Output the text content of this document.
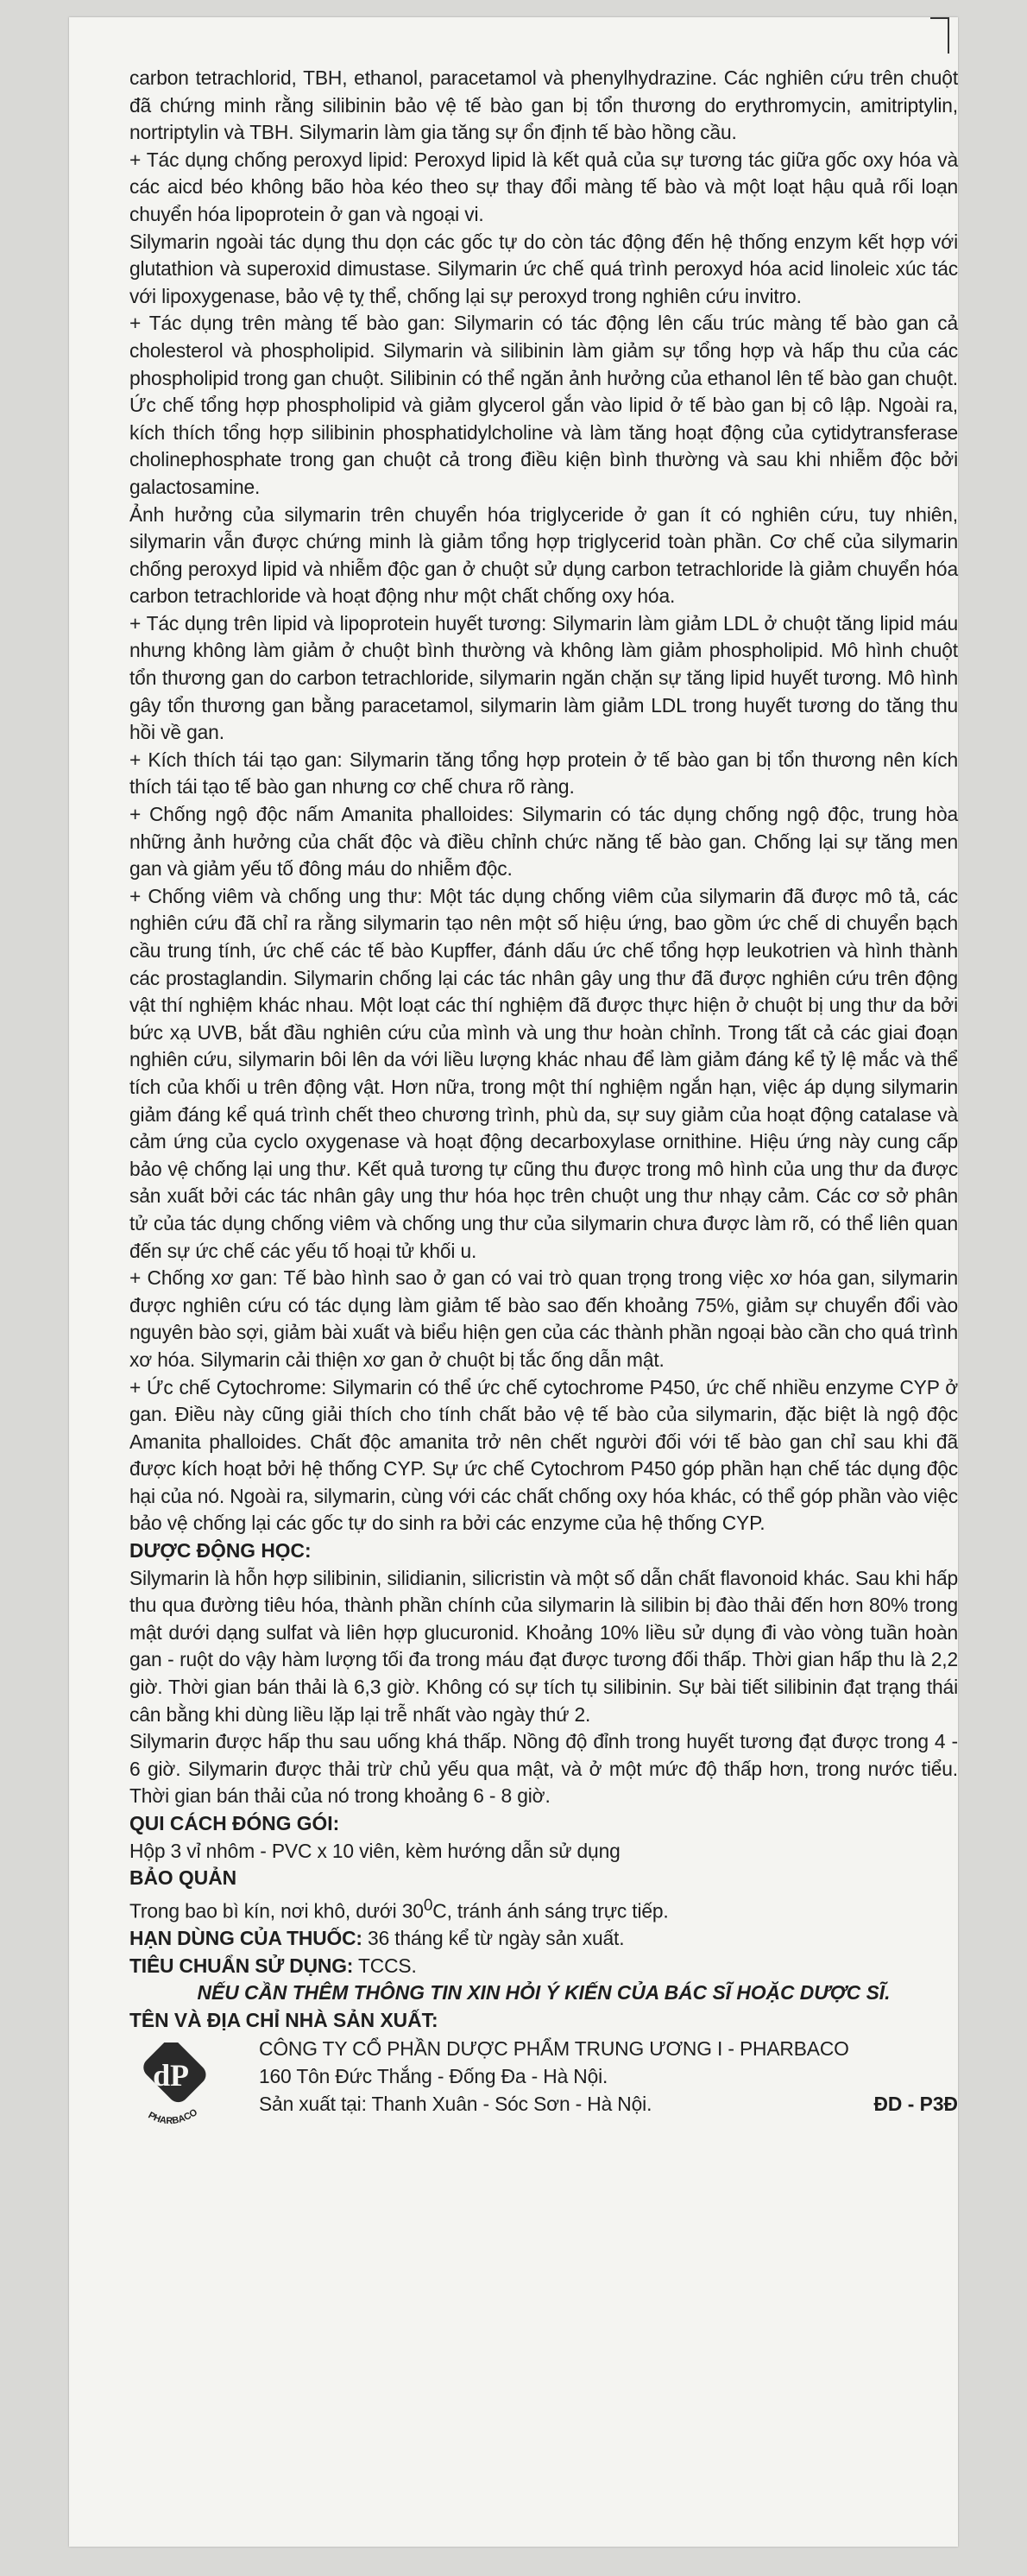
carbon tetrachlorid, TBH, ethanol, paracetamol và phenylhydrazine. Các nghiên cứu trên chuột đã chứng minh rằng silibinin bảo vệ tế bào gan bị tổn thương do erythromycin, amitriptylin, nortriptylin và TBH. Silymarin làm gia tăng sự ổn định tế bào hồng cầu.

+ Tác dụng chống peroxyd lipid: Peroxyd lipid là kết quả của sự tương tác giữa gốc oxy hóa và các aicd béo không bão hòa kéo theo sự thay đổi màng tế bào và một loạt hậu quả rối loạn chuyển hóa lipoprotein ở gan và ngoại vi.

Silymarin ngoài tác dụng thu dọn các gốc tự do còn tác động đến hệ thống enzym kết hợp với glutathion và superoxid dimustase. Silymarin ức chế quá trình peroxyd hóa acid linoleic xúc tác với lipoxygenase, bảo vệ tỵ thể, chống lại sự peroxyd trong nghiên cứu invitro.

+ Tác dụng trên màng tế bào gan: Silymarin có tác động lên cấu trúc màng tế bào gan cả cholesterol và phospholipid. Silymarin và silibinin làm giảm sự tổng hợp và hấp thu của các phospholipid trong gan chuột. Silibinin có thể ngăn ảnh hưởng của ethanol lên tế bào gan chuột. Ức chế tổng hợp phospholipid và giảm glycerol gắn vào lipid ở tế bào gan bị cô lập. Ngoài ra, kích thích tổng hợp silibinin phosphatidylcholine và làm tăng hoạt động của cytidytransferase cholinephosphate trong gan chuột cả trong điều kiện bình thường và sau khi nhiễm độc bởi galactosamine.

Ảnh hưởng của silymarin trên chuyển hóa triglyceride ở gan ít có nghiên cứu, tuy nhiên, silymarin vẫn được chứng minh là giảm tổng hợp triglycerid toàn phần. Cơ chế của silymarin chống peroxyd lipid và nhiễm độc gan ở chuột sử dụng carbon tetrachloride là giảm chuyển hóa carbon tetrachloride và hoạt động như một chất chống oxy hóa.

+ Tác dụng trên lipid và lipoprotein huyết tương: Silymarin làm giảm LDL ở chuột tăng lipid máu nhưng không làm giảm ở chuột bình thường và không làm giảm phospholipid. Mô hình chuột tổn thương gan do carbon tetrachloride, silymarin ngăn chặn sự tăng lipid huyết tương. Mô hình gây tổn thương gan bằng paracetamol, silymarin làm giảm LDL trong huyết tương do tăng thu hồi về gan.

+ Kích thích tái tạo gan: Silymarin tăng tổng hợp protein ở tế bào gan bị tổn thương nên kích thích tái tạo tế bào gan nhưng cơ chế chưa rõ ràng.

+ Chống ngộ độc nấm Amanita phalloides: Silymarin có tác dụng chống ngộ độc, trung hòa những ảnh hưởng của chất độc và điều chỉnh chức năng tế bào gan. Chống lại sự tăng men gan và giảm yếu tố đông máu do nhiễm độc.

+ Chống viêm và chống ung thư: Một tác dụng chống viêm của silymarin đã được mô tả, các nghiên cứu đã chỉ ra rằng silymarin tạo nên một số hiệu ứng, bao gồm ức chế di chuyển bạch cầu trung tính, ức chế các tế bào Kupffer, đánh dấu ức chế tổng hợp leukotrien và hình thành các prostaglandin. Silymarin chống lại các tác nhân gây ung thư đã được nghiên cứu trên động vật thí nghiệm khác nhau. Một loạt các thí nghiệm đã được thực hiện ở chuột bị ung thư da bởi bức xạ UVB, bắt đầu nghiên cứu của mình và ung thư hoàn chỉnh. Trong tất cả các giai đoạn nghiên cứu, silymarin bôi lên da với liều lượng khác nhau để làm giảm đáng kể tỷ lệ mắc và thể tích của khối u trên động vật. Hơn nữa, trong một thí nghiệm ngắn hạn, việc áp dụng silymarin giảm đáng kể quá trình chết theo chương trình, phù da, sự suy giảm của hoạt động catalase và cảm ứng của cyclo oxygenase và hoạt động decarboxylase ornithine. Hiệu ứng này cung cấp bảo vệ chống lại ung thư. Kết quả tương tự cũng thu được trong mô hình của ung thư da được sản xuất bởi các tác nhân gây ung thư hóa học trên chuột ung thư nhạy cảm. Các cơ sở phân tử của tác dụng chống viêm và chống ung thư của silymarin chưa được làm rõ, có thể liên quan đến sự ức chế các yếu tố hoại tử khối u.

+ Chống xơ gan: Tế bào hình sao ở gan có vai trò quan trọng trong việc xơ hóa gan, silymarin được nghiên cứu có tác dụng làm giảm tế bào sao đến khoảng 75%, giảm sự chuyển đổi vào nguyên bào sợi, giảm bài xuất và biểu hiện gen của các thành phần ngoại bào cần cho quá trình xơ hóa. Silymarin cải thiện xơ gan ở chuột bị tắc ống dẫn mật.

+ Ức chế Cytochrome: Silymarin có thể ức chế cytochrome P450, ức chế nhiều enzyme CYP ở gan. Điều này cũng giải thích cho tính chất bảo vệ tế bào của silymarin, đặc biệt là ngộ độc Amanita phalloides. Chất độc amanita trở nên chết người đối với tế bào gan chỉ sau khi đã được kích hoạt bởi hệ thống CYP. Sự ức chế Cytochrom P450 góp phần hạn chế tác dụng độc hại của nó. Ngoài ra, silymarin, cùng với các chất chống oxy hóa khác, có thể góp phần vào việc bảo vệ chống lại các gốc tự do sinh ra bởi các enzyme của hệ thống CYP.

DƯỢC ĐỘNG HỌC:

Silymarin là hỗn hợp silibinin, silidianin, silicristin và một số dẫn chất flavonoid khác. Sau khi hấp thu qua đường tiêu hóa, thành phần chính của silymarin là silibin bị đào thải đến hơn 80% trong mật dưới dạng sulfat và liên hợp glucuronid. Khoảng 10% liều sử dụng đi vào vòng tuần hoàn gan - ruột do vậy hàm lượng tối đa trong máu đạt được tương đối thấp. Thời gian hấp thu là 2,2 giờ. Thời gian bán thải là 6,3 giờ. Không có sự tích tụ silibinin. Sự bài tiết silibinin đạt trạng thái cân bằng khi dùng liều lặp lại trễ nhất vào ngày thứ 2.

Silymarin được hấp thu sau uống khá thấp. Nồng độ đỉnh trong huyết tương đạt được trong 4 - 6 giờ. Silymarin được thải trừ chủ yếu qua mật, và ở một mức độ thấp hơn, trong nước tiểu. Thời gian bán thải của nó trong khoảng 6 - 8 giờ.

QUI CÁCH ĐÓNG GÓI:

Hộp 3 vỉ nhôm - PVC x 10 viên, kèm hướng dẫn sử dụng

BẢO QUẢN

Trong bao bì kín, nơi khô, dưới $30^0C$, tránh ánh sáng trực tiếp.

HẠN DÙNG CỦA THUỐC: 36 tháng kể từ ngày sản xuất.

TIÊU CHUẨN SỬ DỤNG: TCCS.

NẾU CẦN THÊM THÔNG TIN XIN HỎI Ý KIẾN CỦA BÁC SĨ HOẶC DƯỢC SĨ.

TÊN VÀ ĐỊA CHỈ NHÀ SẢN XUẤT:

dP
PHARBACO

CÔNG TY CỔ PHẦN DƯỢC PHẨM TRUNG ƯƠNG I - PHARBACO

160 Tôn Đức Thắng - Đống Đa - Hà Nội.

Sản xuất tại: Thanh Xuân - Sóc Sơn - Hà Nội.	ĐD - P3Đ
